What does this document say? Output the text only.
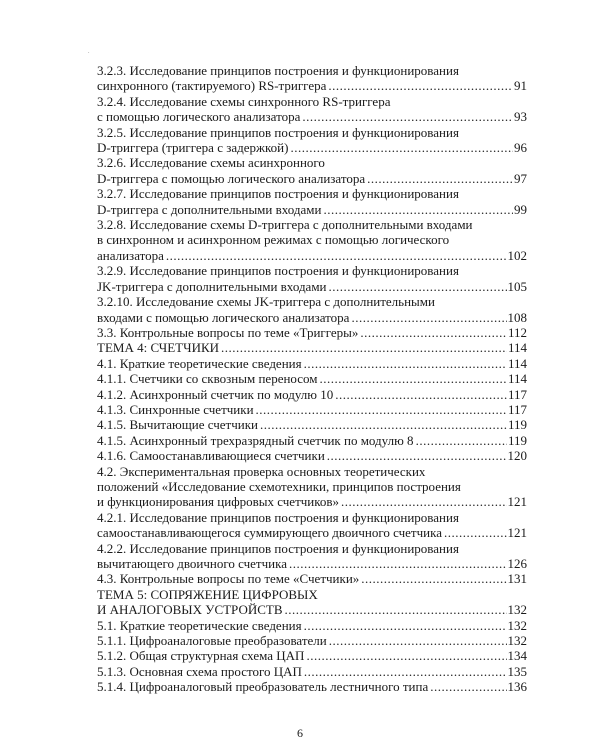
.
3.2.3. Исследование принципов построения и функционирования
синхронного (тактируемого) RS-триггера .....	91
3.2.4. Исследование схемы синхронного RS-триггера
с помощью логического анализатора .....	93
3.2.5. Исследование принципов построения и функционирования
D-триггера (триггера с задержкой) .....	96
3.2.6. Исследование схемы асинхронного
D-триггера с помощью логического анализатора .....	97
3.2.7. Исследование принципов построения и функционирования
D-триггера с дополнительными входами .....	99
3.2.8. Исследование схемы D-триггера с дополнительными входами
в синхронном и асинхронном режимах с помощью логического
анализатора .....	102
3.2.9. Исследование принципов построения и функционирования
JK-триггера с дополнительными входами .....	105
3.2.10. Исследование схемы JK-триггера с дополнительными
входами с помощью логического анализатора .....	108
3.3. Контрольные вопросы по теме «Триггеры» .....	112
ТЕМА 4: СЧЕТЧИКИ .....	114
4.1. Краткие теоретические сведения .....	114
4.1.1. Счетчики со сквозным переносом .....	114
4.1.2. Асинхронный счетчик по модулю 10 .....	117
4.1.3. Синхронные счетчики .....	117
4.1.5. Вычитающие счетчики .....	119
4.1.5. Асинхронный трехразрядный счетчик по модулю 8 .....	119
4.1.6. Самоостанавливающиеся счетчики .....	120
4.2. Экспериментальная проверка основных теоретических
положений «Исследование схемотехники, принципов построения
и функционирования цифровых счетчиков» .....	121
4.2.1. Исследование принципов построения и функционирования
самоостанавливающегося суммирующего двоичного счетчика .....	121
4.2.2. Исследование принципов построения и функционирования
вычитающего двоичного счетчика .....	126
4.3. Контрольные вопросы по теме «Счетчики» .....	131
ТЕМА 5: СОПРЯЖЕНИЕ ЦИФРОВЫХ
И АНАЛОГОВЫХ УСТРОЙСТВ .....	132
5.1. Краткие теоретические сведения .....	132
5.1.1. Цифроаналоговые преобразователи .....	132
5.1.2. Общая структурная схема ЦАП .....	134
5.1.3. Основная схема простого ЦАП .....	135
5.1.4. Цифроаналоговый преобразователь лестничного типа .....	136
6
